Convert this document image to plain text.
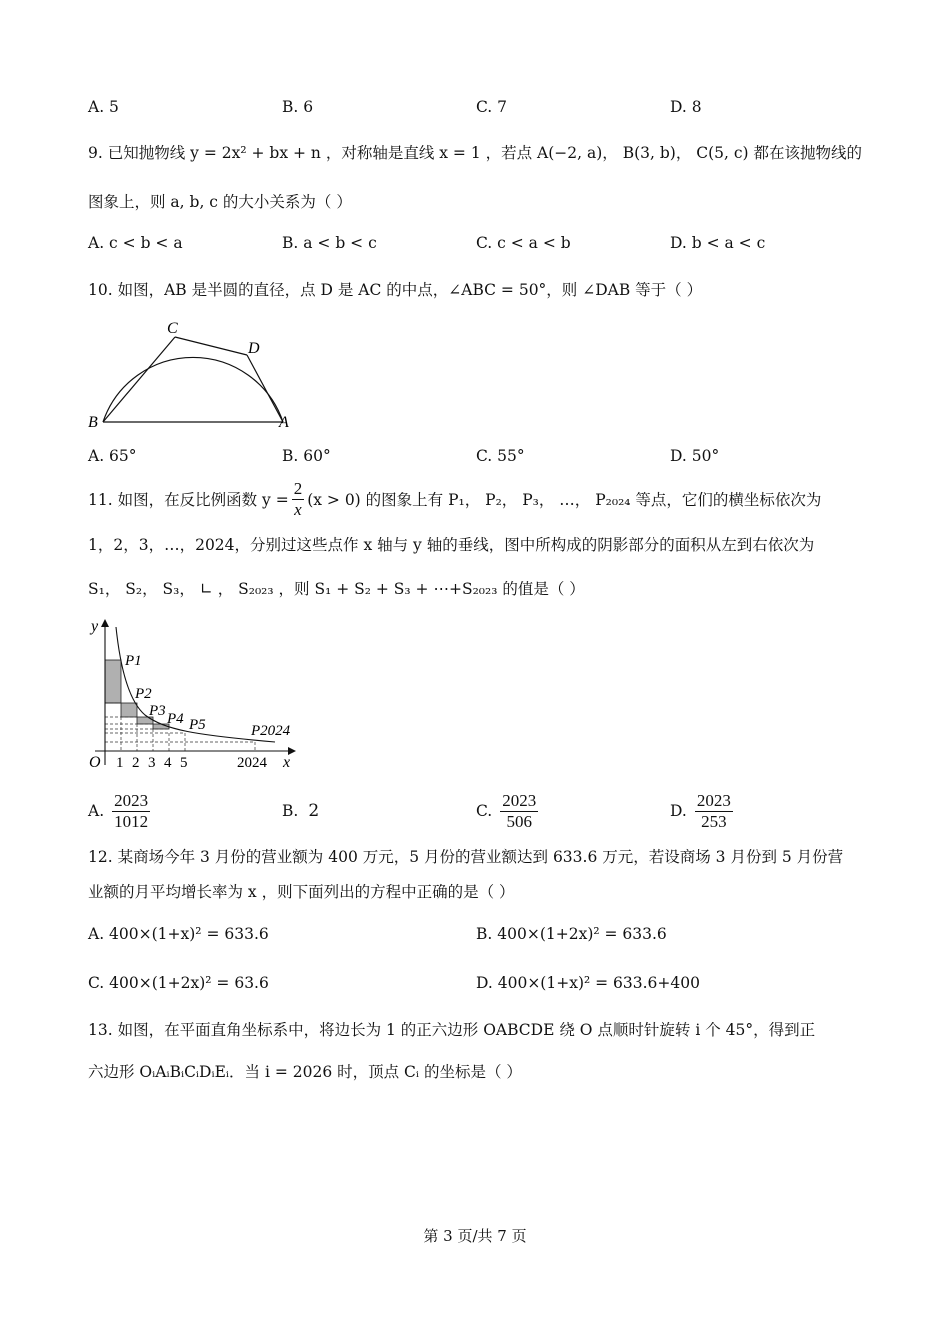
A. 5	B. 6	C. 7	D. 8
9. 已知抛物线 y = 2x² + bx + n ，对称轴是直线 x = 1 ，若点 A(−2, a)， B(3, b)， C(5, c) 都在该抛物线的
图象上，则 a, b, c 的大小关系为（ ）
A. c < b < a	B. a < b < c	C. c < a < b	D. b < a < c
10. 如图，AB 是半圆的直径，点 D 是 AC 的中点，∠ABC = 50°，则 ∠DAB 等于（ ）
C
D
B	A
A. 65°	B. 60°	C. 55°	D. 50°
11. 如图，在反比例函数 $y = \frac{2}{x} (x > 0)$ 的图象上有 P₁， P₂， P₃， …， P₂₀₂₄ 等点，它们的横坐标依次为
1，2，3，…，2024，分别过这些点作 x 轴与 y 轴的垂线，图中所构成的阴影部分的面积从左到右依次为
S₁， S₂， S₃， ∟ ， S₂₀₂₃ ，则 S₁ + S₂ + S₃ + ⋯+S₂₀₂₃ 的值是（ ）
y
x
O
P1
P2
P3 P4 P5	P2024
1 2 3 4 5	2024
A. $\frac{2023}{1012}$	B. 2	C. $\frac{2023}{506}$	D. $\frac{2023}{253}$
12. 某商场今年 3 月份的营业额为 400 万元，5 月份的营业额达到 633.6 万元，若设商场 3 月份到 5 月份营
业额的月平均增长率为 x ，则下面列出的方程中正确的是（ ）
A. 400×(1+x)² = 633.6	B. 400×(1+2x)² = 633.6
C. 400×(1+2x)² = 63.6	D. 400×(1+x)² = 633.6+400
13. 如图，在平面直角坐标系中，将边长为 1 的正六边形 OABCDE 绕 O 点顺时针旋转 i 个 45°，得到正
六边形 OᵢAᵢBᵢCᵢDᵢEᵢ．当 i = 2026 时，顶点 Cᵢ 的坐标是（ ）
第 3 页/共 7 页
